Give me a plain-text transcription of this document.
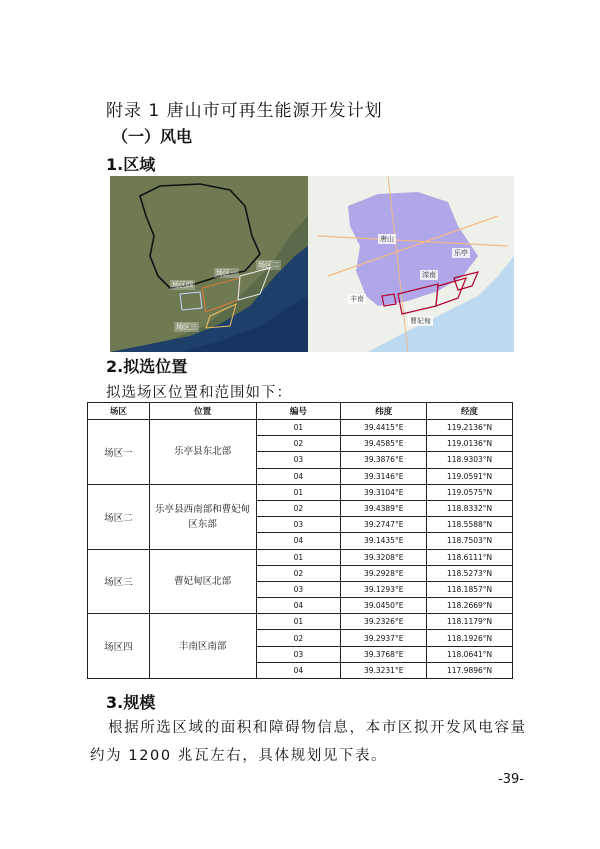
附录 1 唐山市可再生能源开发计划
（一）风电
1.区域
场区四
场区一
场区二
场区三
乐亭
曹妃甸
丰南
滦南
唐山
2.拟选位置
拟选场区位置和范围如下：
场区	位置	编号	纬度	经度
场区一	乐亭县东北部	01	39.4415°E	119.2136°N
		02	39.4585°E	119.0136°N
		03	39.3876°E	118.9303°N
		04	39.3146°E	119.0591°N
场区二	乐亭县西南部和曹妃甸区东部	01	39.3104°E	119.0575°N
		02	39.4389°E	118.8332°N
		03	39.2747°E	118.5588°N
		04	39.1435°E	118.7503°N
场区三	曹妃甸区北部	01	39.3208°E	118.6111°N
		02	39.2928°E	118.5273°N
		03	39.1293°E	118.1857°N
		04	39.0450°E	118.2669°N
场区四	丰南区南部	01	39.2326°E	118.1179°N
		02	39.2937°E	118.1926°N
		03	39.3768°E	118.0641°N
		04	39.3231°E	117.9896°N
3.规模
根据所选区域的面积和障碍物信息，本市区拟开发风电容量
约为 1200 兆瓦左右，具体规划见下表。
-39-
